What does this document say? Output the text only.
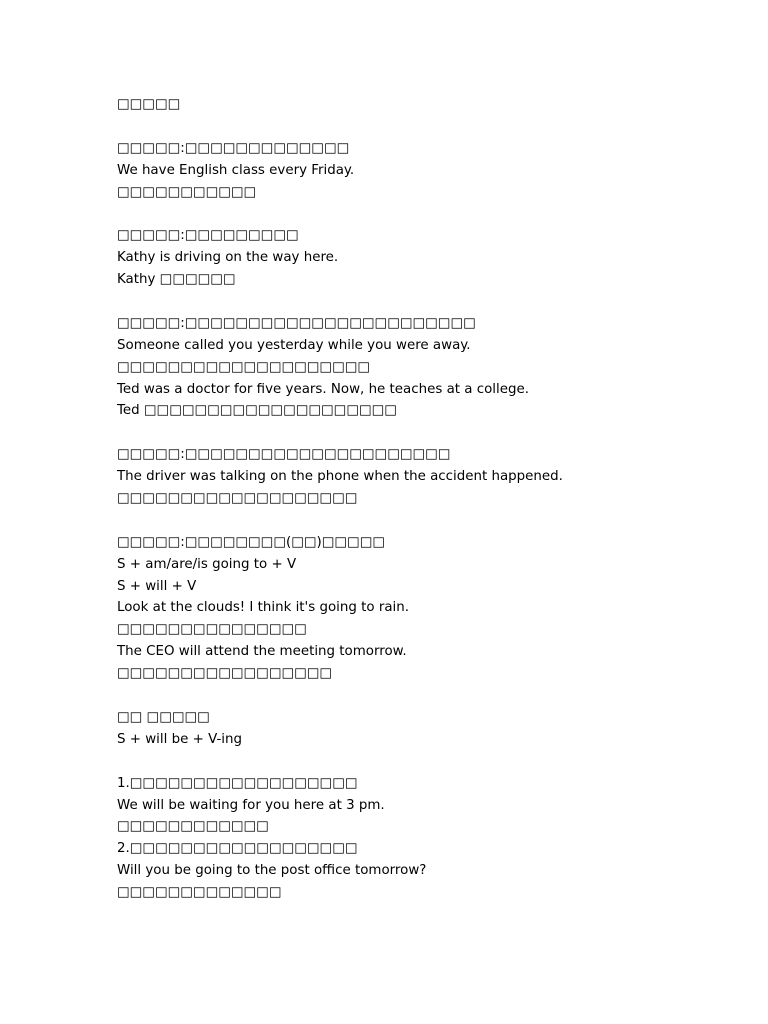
□□□□□
□□□□□:□□□□□□□□□□□□□
We have English class every Friday.
□□□□□□□□□□□
□□□□□:□□□□□□□□□
Kathy is driving on the way here.
Kathy □□□□□□
□□□□□:□□□□□□□□□□□□□□□□□□□□□□□
Someone called you yesterday while you were away.
□□□□□□□□□□□□□□□□□□□□
Ted was a doctor for five years. Now, he teaches at a college.
Ted □□□□□□□□□□□□□□□□□□□□
□□□□□:□□□□□□□□□□□□□□□□□□□□□
The driver was talking on the phone when the accident happened.
□□□□□□□□□□□□□□□□□□□
□□□□□:□□□□□□□□(□□)□□□□□
S + am/are/is going to + V
S + will + V
Look at the clouds! I think it's going to rain.
□□□□□□□□□□□□□□□
The CEO will attend the meeting tomorrow.
□□□□□□□□□□□□□□□□□
□□ □□□□□
S + will be + V-ing
1.□□□□□□□□□□□□□□□□□□
We will be waiting for you here at 3 pm.
□□□□□□□□□□□□
2.□□□□□□□□□□□□□□□□□□
Will you be going to the post office tomorrow?
□□□□□□□□□□□□□
